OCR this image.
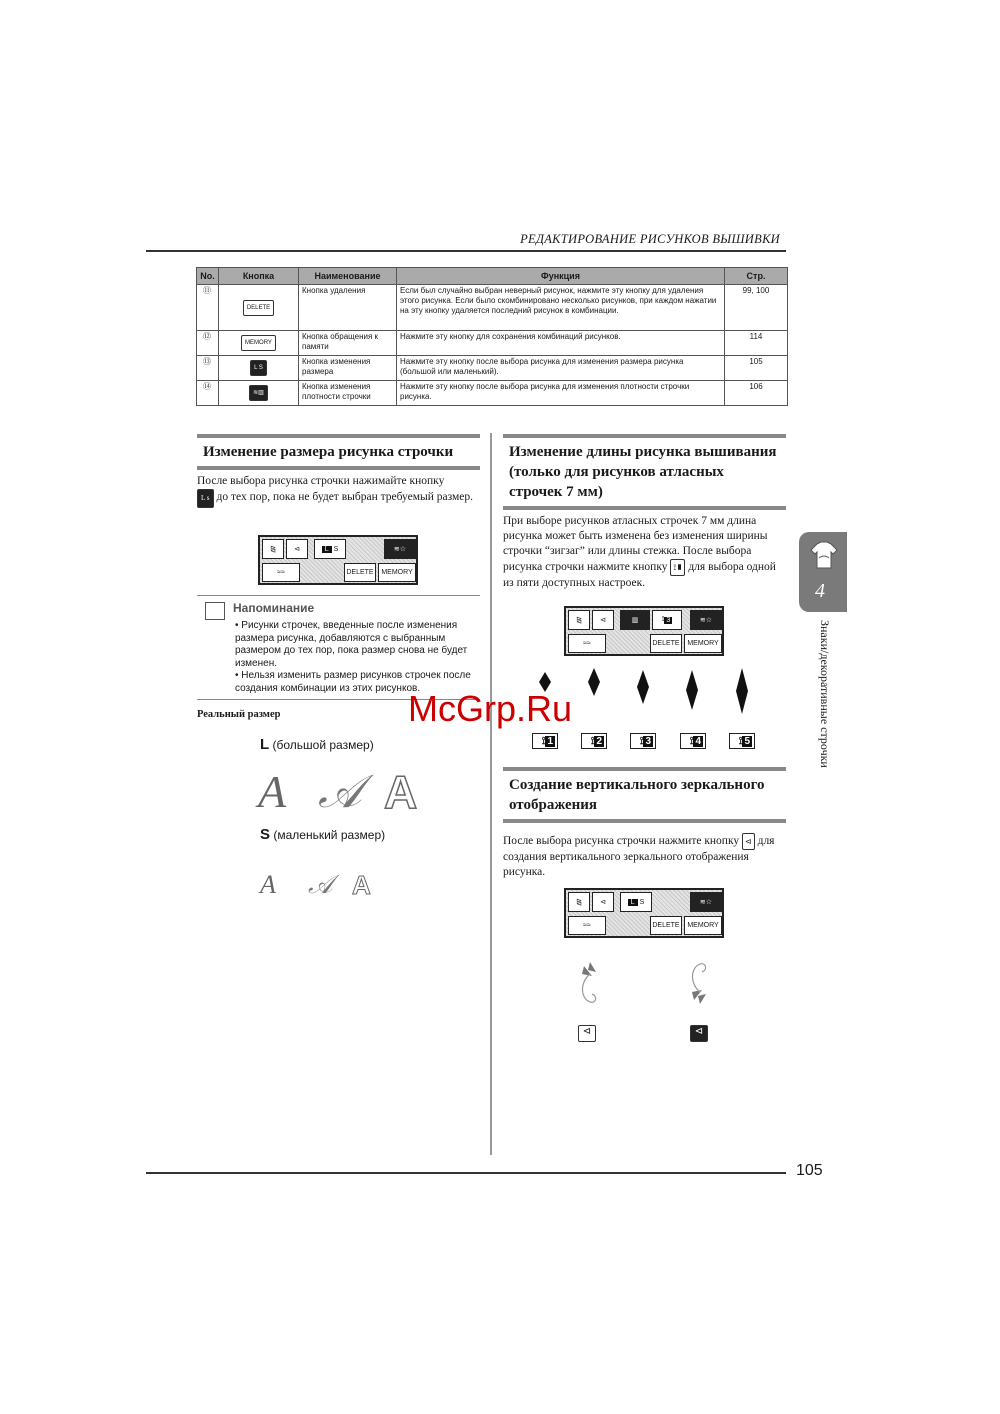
РЕДАКТИРОВАНИЕ РИСУНКОВ ВЫШИВКИ
No.	Кнопка	Наименование	Функция	Стр.
⑪	DELETE	Кнопка удаления	Если был случайно выбран неверный рисунок, нажмите эту кнопку для удаления этого рисунка. Если было скомбинировано несколько рисунков, при каждом нажатии на эту кнопку удаляется последний рисунок в комбинации.	99, 100
⑫	MEMORY	Кнопка обращения к памяти	Нажмите эту кнопку для сохранения комбинаций рисунков.	114
⑬	L S	Кнопка изменения размера	Нажмите эту кнопку после выбора рисунка для изменения размера рисунка (большой или маленький).	105
⑭	≋▥	Кнопка изменения плотности строчки	Нажмите эту кнопку после выбора рисунка для изменения плотности строчки рисунка.	106
Изменение размера рисунка строчки
После выбора рисунка строчки нажимайте кнопку
L s до тех пор, пока не будет выбран требуемый размер.
⧎	⊲	L
S	≋☆
≈≈	DELETE	MEMORY
Напоминание
• Рисунки строчек, введенные после изменения размера рисунка, добавляются с выбранным размером до тех пор, пока размер снова не будет изменен.
• Нельзя изменить размер рисунков строчек после создания комбинации из этих рисунков.
Реальный размер
L (большой размер)
A 𝒜 A
S (маленький размер)
A 𝒜 A
Изменение длины рисунка вышивания (только для рисунков атласных строчек 7 мм)
При выборе рисунков атласных строчек 7 мм длина рисунка может быть изменена без изменения ширины строчки “зигзаг” или длины стежка. После выбора рисунка строчки нажмите кнопку ⟟▮ для выбора одной из пяти доступных настроек.
⧎	⊲	▥	⟟ 3	≋☆
≈≈	DELETE	MEMORY
⟟ 1	⟟ 2	⟟ 3	⟟ 4	⟟ 5
Создание вертикального зеркального отображения
После выбора рисунка строчки нажмите кнопку ⊲ для создания вертикального зеркального отображения рисунка.
⧎	⊲	L
S	≋☆
≈≈	DELETE	MEMORY
⊲	⊲
McGrp.Ru
4
Знаки/декоративные строчки
105
